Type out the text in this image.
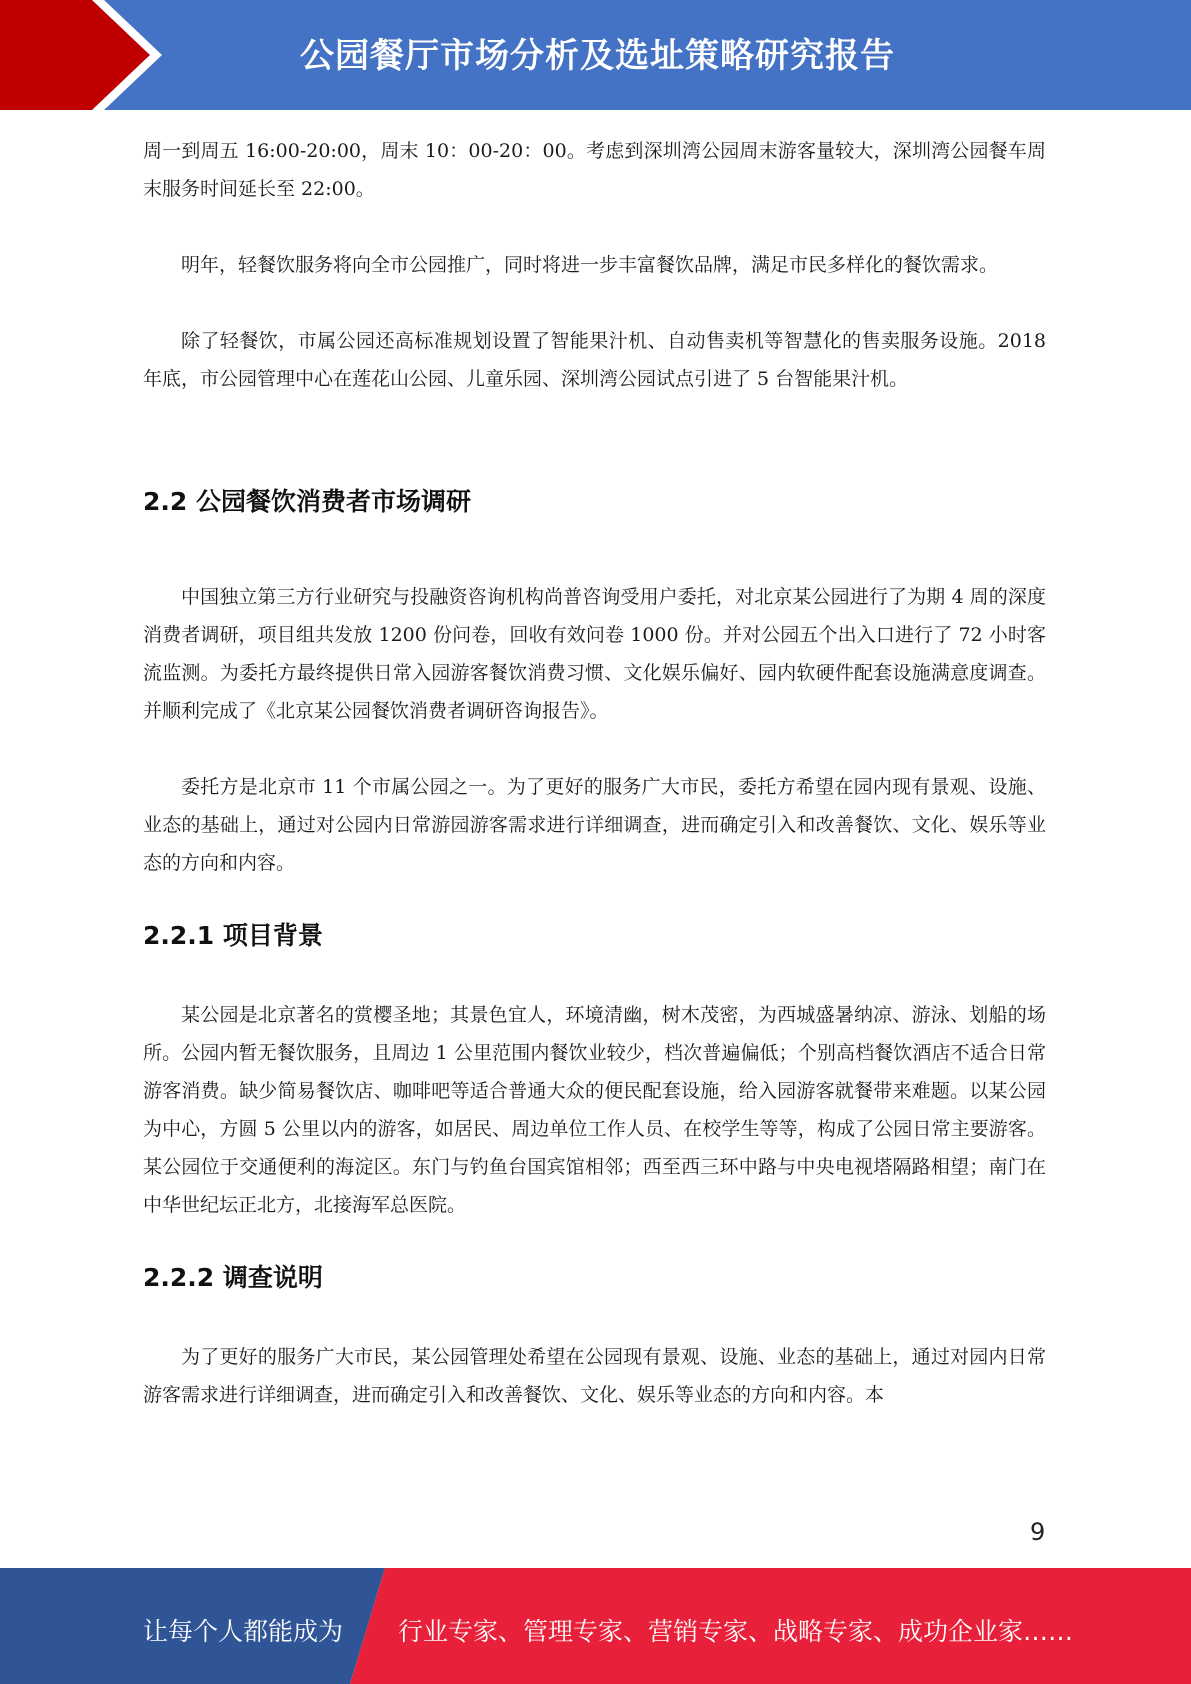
公园餐厅市场分析及选址策略研究报告

周一到周五 16:00-20:00，周末 10：00-20：00。考虑到深圳湾公园周末游客量较大，深圳湾公园餐车周末服务时间延长至 22:00。

明年，轻餐饮服务将向全市公园推广，同时将进一步丰富餐饮品牌，满足市民多样化的餐饮需求。

除了轻餐饮，市属公园还高标准规划设置了智能果汁机、自动售卖机等智慧化的售卖服务设施。2018 年底，市公园管理中心在莲花山公园、儿童乐园、深圳湾公园试点引进了 5 台智能果汁机。

2.2 公园餐饮消费者市场调研

中国独立第三方行业研究与投融资咨询机构尚普咨询受用户委托，对北京某公园进行了为期 4 周的深度消费者调研，项目组共发放 1200 份问卷，回收有效问卷 1000 份。并对公园五个出入口进行了 72 小时客流监测。为委托方最终提供日常入园游客餐饮消费习惯、文化娱乐偏好、园内软硬件配套设施满意度调查。并顺利完成了《北京某公园餐饮消费者调研咨询报告》。

委托方是北京市 11 个市属公园之一。为了更好的服务广大市民，委托方希望在园内现有景观、设施、业态的基础上，通过对公园内日常游园游客需求进行详细调查，进而确定引入和改善餐饮、文化、娱乐等业态的方向和内容。

2.2.1 项目背景

某公园是北京著名的赏樱圣地；其景色宜人，环境清幽，树木茂密，为西城盛暑纳凉、游泳、划船的场所。公园内暂无餐饮服务，且周边 1 公里范围内餐饮业较少，档次普遍偏低；个别高档餐饮酒店不适合日常游客消费。缺少简易餐饮店、咖啡吧等适合普通大众的便民配套设施，给入园游客就餐带来难题。以某公园为中心，方圆 5 公里以内的游客，如居民、周边单位工作人员、在校学生等等，构成了公园日常主要游客。某公园位于交通便利的海淀区。东门与钓鱼台国宾馆相邻；西至西三环中路与中央电视塔隔路相望；南门在中华世纪坛正北方，北接海军总医院。

2.2.2 调查说明

为了更好的服务广大市民，某公园管理处希望在公园现有景观、设施、业态的基础上，通过对园内日常游客需求进行详细调查，进而确定引入和改善餐饮、文化、娱乐等业态的方向和内容。本

9
让每个人都能成为 行业专家、管理专家、营销专家、战略专家、成功企业家……
